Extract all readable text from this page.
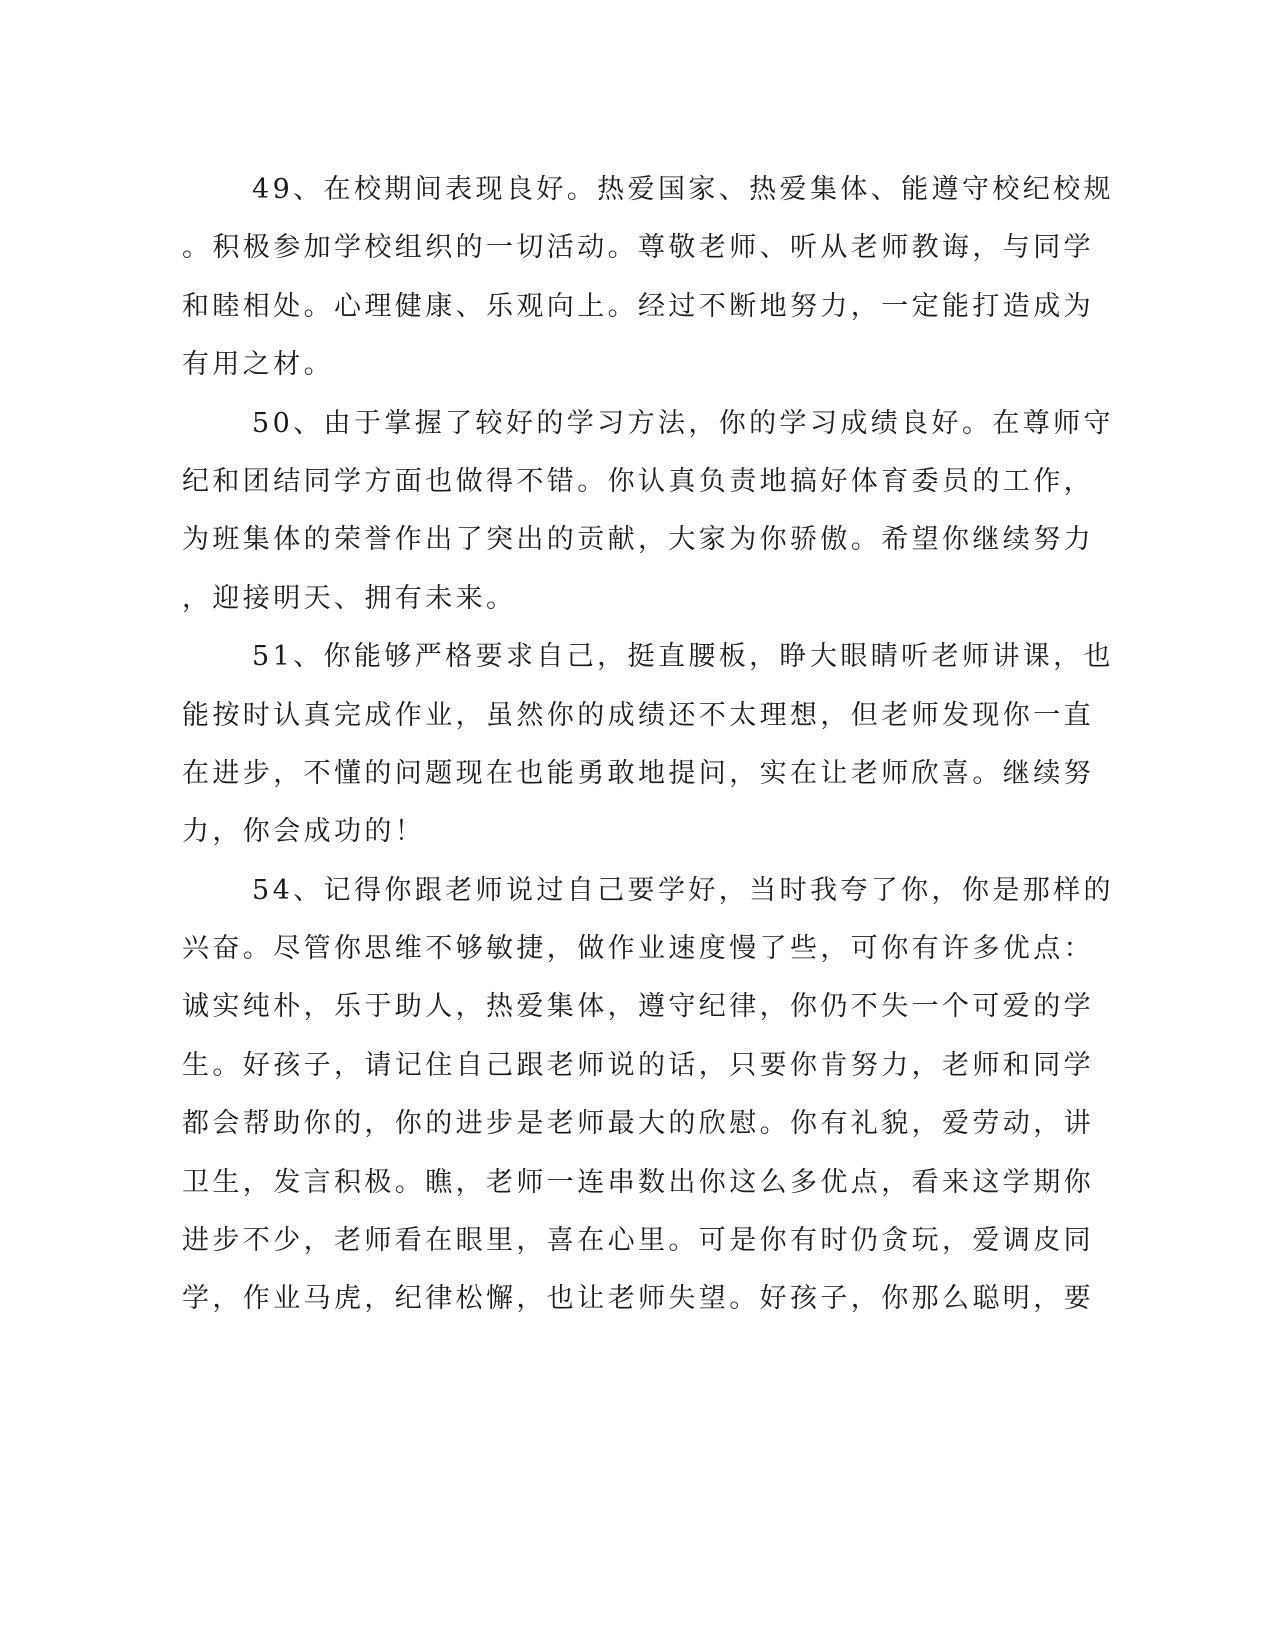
49、在校期间表现良好。热爱国家、热爱集体、能遵守校纪校规
。积极参加学校组织的一切活动。尊敬老师、听从老师教诲，与同学
和睦相处。心理健康、乐观向上。经过不断地努力，一定能打造成为
有用之材。
50、由于掌握了较好的学习方法，你的学习成绩良好。在尊师守
纪和团结同学方面也做得不错。你认真负责地搞好体育委员的工作，
为班集体的荣誉作出了突出的贡献，大家为你骄傲。希望你继续努力
，迎接明天、拥有未来。
51、你能够严格要求自己，挺直腰板，睁大眼睛听老师讲课，也
能按时认真完成作业，虽然你的成绩还不太理想，但老师发现你一直
在进步，不懂的问题现在也能勇敢地提问，实在让老师欣喜。继续努
力，你会成功的！
54、记得你跟老师说过自己要学好，当时我夸了你，你是那样的
兴奋。尽管你思维不够敏捷，做作业速度慢了些，可你有许多优点：
诚实纯朴，乐于助人，热爱集体，遵守纪律，你仍不失一个可爱的学
生。好孩子，请记住自己跟老师说的话，只要你肯努力，老师和同学
都会帮助你的，你的进步是老师最大的欣慰。你有礼貌，爱劳动，讲
卫生，发言积极。瞧，老师一连串数出你这么多优点，看来这学期你
进步不少，老师看在眼里，喜在心里。可是你有时仍贪玩，爱调皮同
学，作业马虎，纪律松懈，也让老师失望。好孩子，你那么聪明，要
